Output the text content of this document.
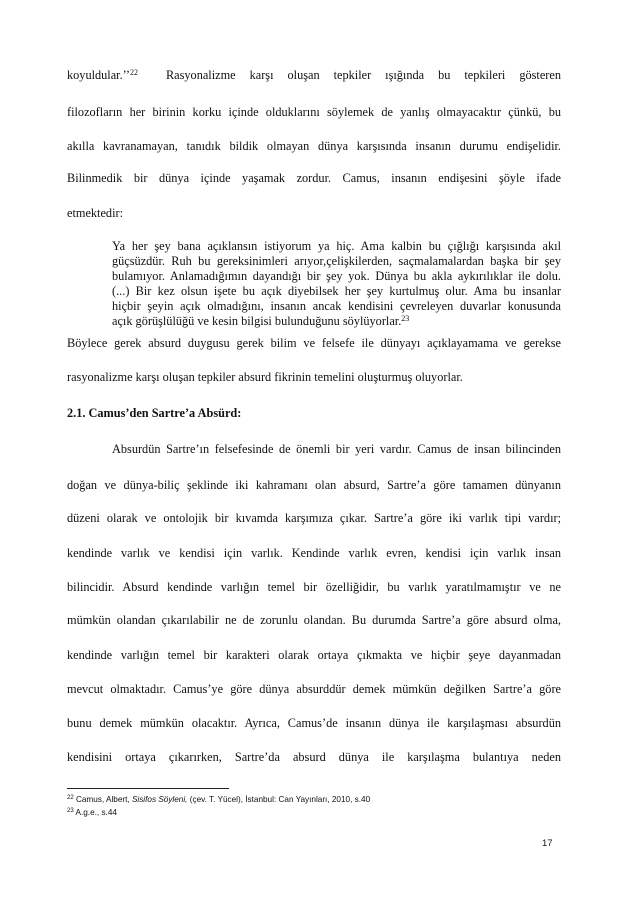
koyuldular.’’$^{22}$ Rasyonalizme karşı oluşan tepkiler ışığında bu tepkileri gösteren
filozofların her birinin korku içinde olduklarını söylemek de yanlış olmayacaktır çünkü, bu
akılla kavranamayan, tanıdık bildik olmayan dünya karşısında insanın durumu endişelidir.
Bilinmedik bir dünya içinde yaşamak zordur. Camus, insanın endişesini şöyle ifade
etmektedir:
Ya her şey bana açıklansın istiyorum ya hiç. Ama kalbin bu çığlığı karşısında akıl
güçsüzdür. Ruh bu gereksinimleri arıyor,çelişkilerden, saçmalamalardan başka bir şey
bulamıyor. Anlamadığımın dayandığı bir şey yok. Dünya bu akla aykırılıklar ile dolu.
(...) Bir kez olsun işete bu açık diyebilsek her şey kurtulmuş olur. Ama bu insanlar
hiçbir şeyin açık olmadığını, insanın ancak kendisini çevreleyen duvarlar konusunda
açık görüşlülüğü ve kesin bilgisi bulunduğunu söylüyorlar.$^{23}$
Böylece gerek absurd duygusu gerek bilim ve felsefe ile dünyayı açıklayamama ve gerekse
rasyonalizme karşı oluşan tepkiler absurd fikrinin temelini oluşturmuş oluyorlar.
2.1. Camus’den Sartre’a Absürd:
Absurdün Sartre’ın felsefesinde de önemli bir yeri vardır. Camus de insan bilincinden
doğan ve dünya-biliç şeklinde iki kahramanı olan absurd, Sartre’a göre tamamen dünyanın
düzeni olarak ve ontolojik bir kıvamda karşımıza çıkar. Sartre’a göre iki varlık tipi vardır;
kendinde varlık ve kendisi için varlık. Kendinde varlık evren, kendisi için varlık insan
bilincidir. Absurd kendinde varlığın temel bir özelliğidir, bu varlık yaratılmamıştır ve ne
mümkün olandan çıkarılabilir ne de zorunlu olandan. Bu durumda Sartre’a göre absurd olma,
kendinde varlığın temel bir karakteri olarak ortaya çıkmakta ve hiçbir şeye dayanmadan
mevcut olmaktadır. Camus’ye göre dünya absurddür demek mümkün değilken Sartre’a göre
bunu demek mümkün olacaktır. Ayrıca, Camus’de insanın dünya ile karşılaşması absurdün
kendisini ortaya çıkarırken, Sartre’da absurd dünya ile karşılaşma bulantıya neden
$^{22}$ Camus, Albert, Sisifos Söyleni, (çev. T. Yücel), İstanbul: Can Yayınları, 2010, s.40
$^{23}$ A.g.e., s.44
17
